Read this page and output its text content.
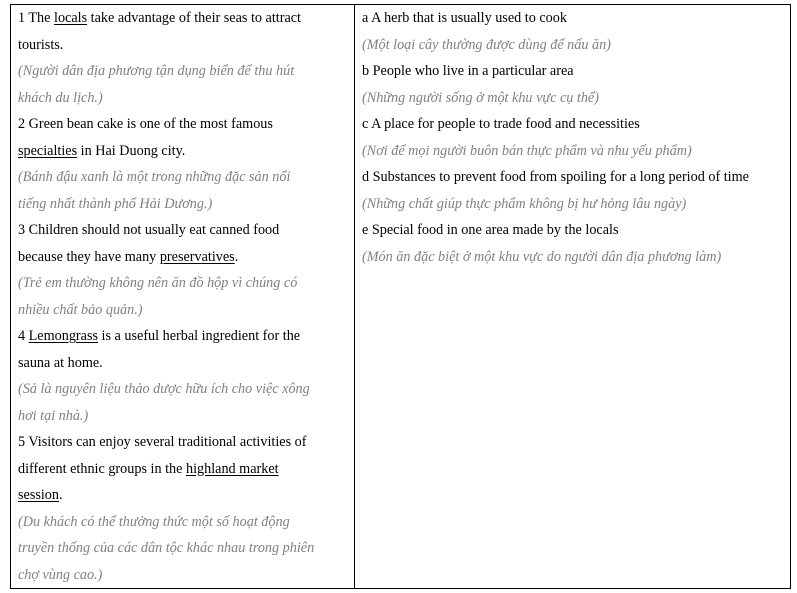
1 The locals take advantage of their seas to attract
tourists.
(Người dân địa phương tận dụng biển để thu hút
khách du lịch.)
2 Green bean cake is one of the most famous
specialties in Hai Duong city.
(Bánh đậu xanh là một trong những đặc sản nổi
tiếng nhất thành phố Hải Dương.)
3 Children should not usually eat canned food
because they have many preservatives.
(Trẻ em thường không nên ăn đồ hộp vì chúng có
nhiều chất bảo quản.)
4 Lemongrass is a useful herbal ingredient for the
sauna at home.
(Sả là nguyên liệu thảo dược hữu ích cho việc xông
hơi tại nhà.)
5 Visitors can enjoy several traditional activities of
different ethnic groups in the highland market
session.
(Du khách có thể thưởng thức một số hoạt động
truyền thống của các dân tộc khác nhau trong phiên
chợ vùng cao.)
a A herb that is usually used to cook
(Một loại cây thường được dùng để nấu ăn)
b People who live in a particular area
(Những người sống ở một khu vực cụ thể)
c A place for people to trade food and necessities
(Nơi để mọi người buôn bán thực phẩm và nhu yếu phẩm)
d Substances to prevent food from spoiling for a long period of time
(Những chất giúp thực phẩm không bị hư hỏng lâu ngày)
e Special food in one area made by the locals
(Món ăn đặc biệt ở một khu vực do người dân địa phương làm)
